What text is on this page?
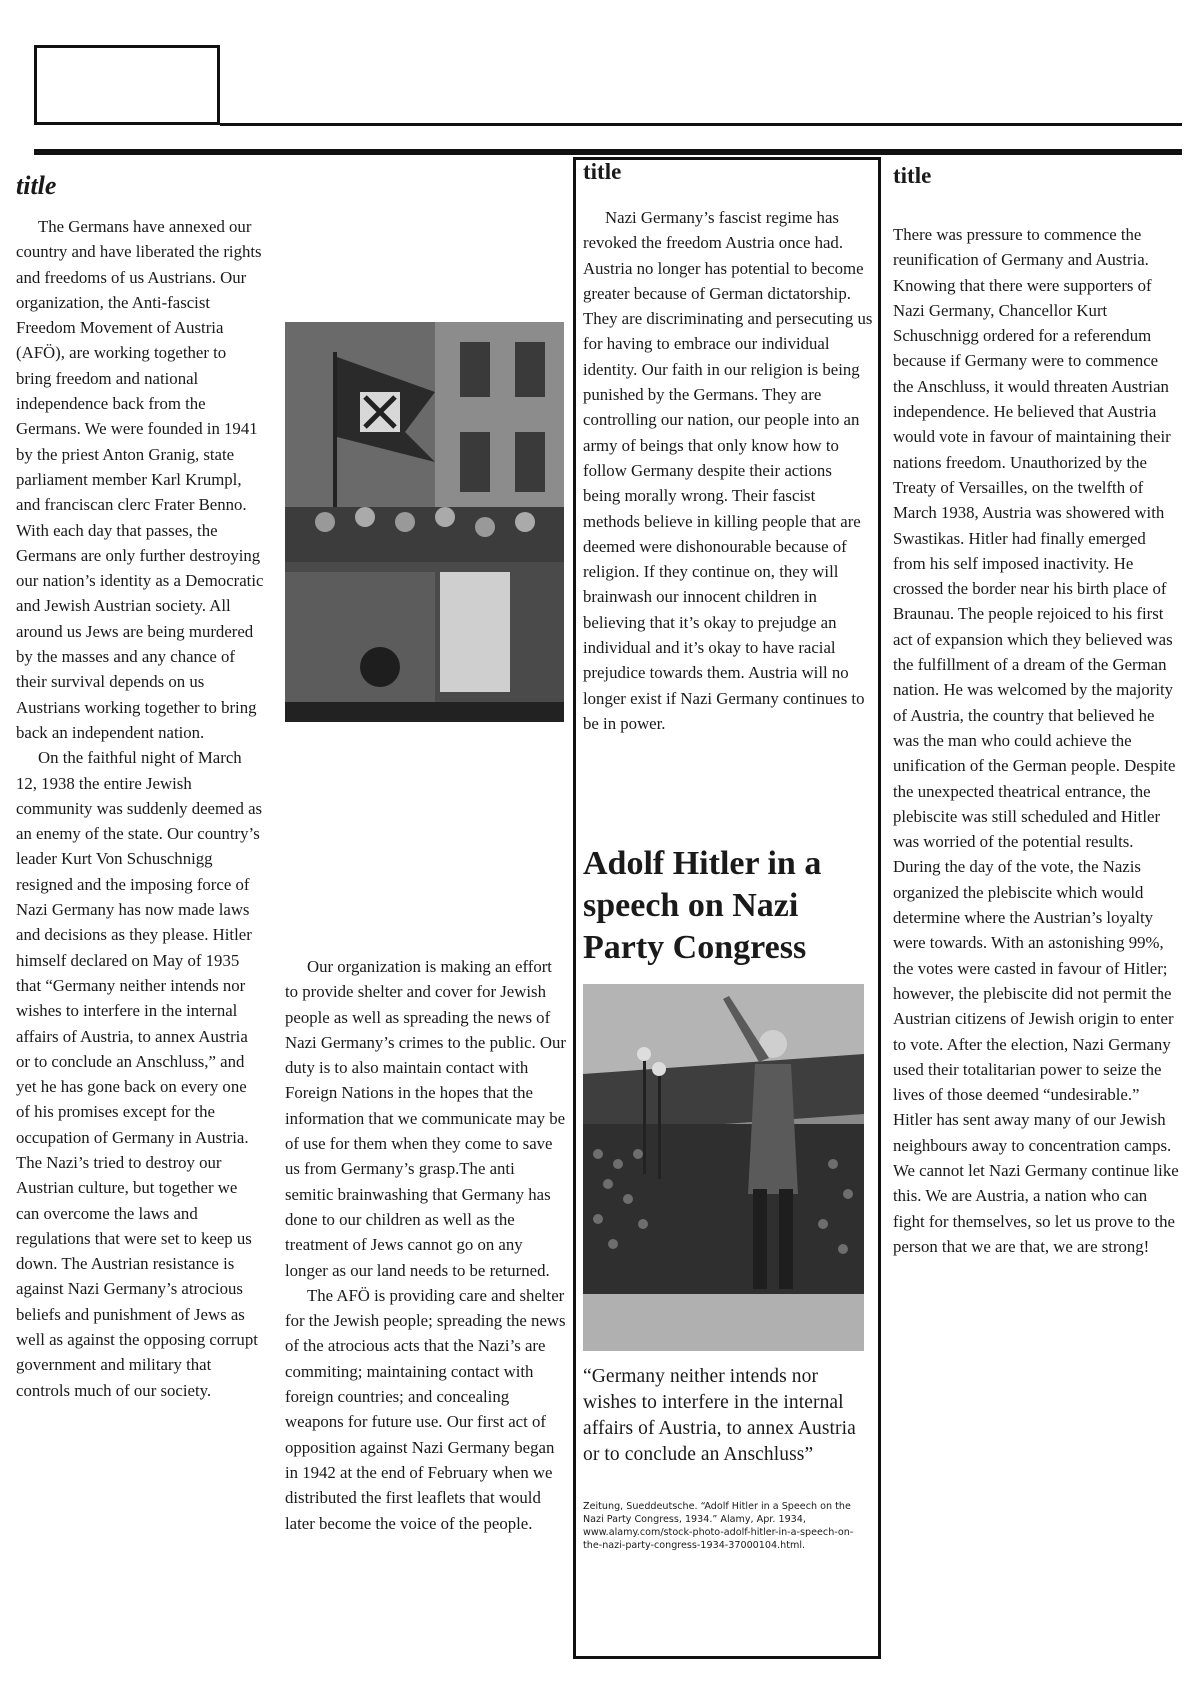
title

The Germans have annexed our country and have liberated the rights and freedoms of us Austrians. Our organization, the Anti-fascist Freedom Movement of Austria (AFÖ), are working together to bring freedom and national independence back from the Germans. We were founded in 1941 by the priest Anton Granig, state parliament member Karl Krumpl, and franciscan clerc Frater Benno. With each day that passes, the Germans are only further destroying our nation’s identity as a Democratic and Jewish Austrian society. All around us Jews are being murdered by the masses and any chance of their survival depends on us Austrians working together to bring back an independent nation.

On the faithful night of March 12, 1938 the entire Jewish community was suddenly deemed as an enemy of the state. Our country’s leader Kurt Von Schuschnigg resigned and the imposing force of Nazi Germany has now made laws and decisions as they please. Hitler himself declared on May of 1935 that “Germany neither intends nor wishes to interfere in the internal affairs of Austria, to annex Austria or to conclude an Anschluss,” and yet he has gone back on every one of his promises except for the occupation of Germany in Austria. The Nazi’s tried to destroy our Austrian culture, but together we can overcome the laws and regulations that were set to keep us down. The Austrian resistance is against Nazi Germany’s atrocious beliefs and punishment of Jews as well as against the opposing corrupt government and military that controls much of our society.

Our organization is making an effort to provide shelter and cover for Jewish people as well as spreading the news of Nazi Germany’s crimes to the public. Our duty is to also maintain contact with Foreign Nations in the hopes that the information that we communicate may be of use for them when they come to save us from Germany’s grasp.The anti semitic brainwashing that Germany has done to our children as well as the treatment of Jews cannot go on any longer as our land needs to be returned.

The AFÖ is providing care and shelter for the Jewish people; spreading the news of the atrocious acts that the Nazi’s are commiting; maintaining contact with foreign countries; and concealing weapons for future use. Our first act of opposition against Nazi Germany began in 1942 at the end of February when we distributed the first leaflets that would later become the voice of the people.

title

Nazi Germany’s fascist regime has revoked the freedom Austria once had. Austria no longer has potential to become greater because of German dictatorship. They are discriminating and persecuting us for having to embrace our individual identity. Our faith in our religion is being punished by the Germans. They are controlling our nation, our people into an army of beings that only know how to follow Germany despite their actions being morally wrong. Their fascist methods believe in killing people that are deemed were dishonourable because of religion. If they continue on, they will brainwash our innocent children in believing that it’s okay to prejudge an individual and it’s okay to have racial prejudice towards them. Austria will no longer exist if Nazi Germany continues to be in power.

Adolf Hitler in a speech on Nazi Party Congress

“Germany neither intends nor wishes to interfere in the internal affairs of Austria, to annex Austria or to conclude an Anschluss”

Zeitung, Sueddeutsche. “Adolf Hitler in a Speech on the Nazi Party Congress, 1934.” Alamy, Apr. 1934, www.alamy.com/stock-photo-adolf-hitler-in-a-speech-on-the-nazi-party-congress-1934-37000104.html.

title

There was pressure to commence the reunification of Germany and Austria. Knowing that there were supporters of Nazi Germany, Chancellor Kurt Schuschnigg ordered for a referendum because if Germany were to commence the Anschluss, it would threaten Austrian independence. He believed that Austria would vote in favour of maintaining their nations freedom. Unauthorized by the Treaty of Versailles, on the twelfth of March 1938, Austria was showered with Swastikas. Hitler had finally emerged from his self imposed inactivity. He crossed the border near his birth place of Braunau. The people rejoiced to his first act of expansion which they believed was the fulfillment of a dream of the German nation. He was welcomed by the majority of Austria, the country that believed he was the man who could achieve the unification of the German people. Despite the unexpected theatrical entrance, the plebiscite was still scheduled and Hitler was worried of the potential results. During the day of the vote, the Nazis organized the plebiscite which would determine where the Austrian’s loyalty were towards. With an astonishing 99%, the votes were casted in favour of Hitler; however, the plebiscite did not permit the Austrian citizens of Jewish origin to enter to vote. After the election, Nazi Germany used their totalitarian power to seize the lives of those deemed “undesirable.” Hitler has sent away many of our Jewish neighbours away to concentration camps. We cannot let Nazi Germany continue like this. We are Austria, a nation who can fight for themselves, so let us prove to the person that we are that, we are strong!
